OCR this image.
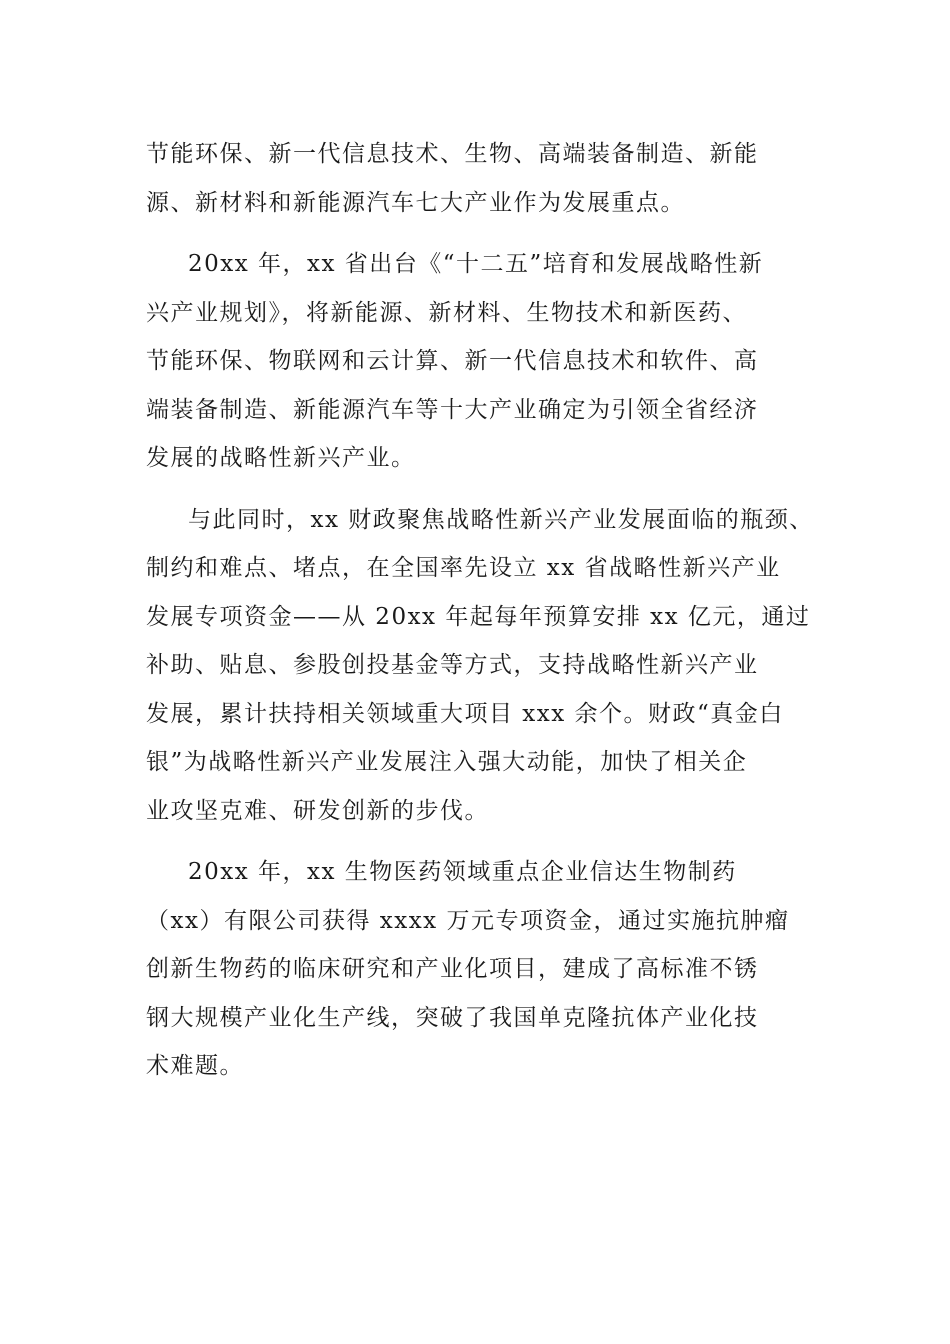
节能环保、新一代信息技术、生物、高端装备制造、新能
源、新材料和新能源汽车七大产业作为发展重点。

20xx 年，xx 省出台《“十二五”培育和发展战略性新
兴产业规划》，将新能源、新材料、生物技术和新医药、
节能环保、物联网和云计算、新一代信息技术和软件、高
端装备制造、新能源汽车等十大产业确定为引领全省经济
发展的战略性新兴产业。

与此同时，xx 财政聚焦战略性新兴产业发展面临的瓶颈、
制约和难点、堵点，在全国率先设立 xx 省战略性新兴产业
发展专项资金——从 20xx 年起每年预算安排 xx 亿元，通过
补助、贴息、参股创投基金等方式，支持战略性新兴产业
发展，累计扶持相关领域重大项目 xxx 余个。财政“真金白
银”为战略性新兴产业发展注入强大动能，加快了相关企
业攻坚克难、研发创新的步伐。

20xx 年，xx 生物医药领域重点企业信达生物制药
（xx）有限公司获得 xxxx 万元专项资金，通过实施抗肿瘤
创新生物药的临床研究和产业化项目，建成了高标准不锈
钢大规模产业化生产线，突破了我国单克隆抗体产业化技
术难题。
